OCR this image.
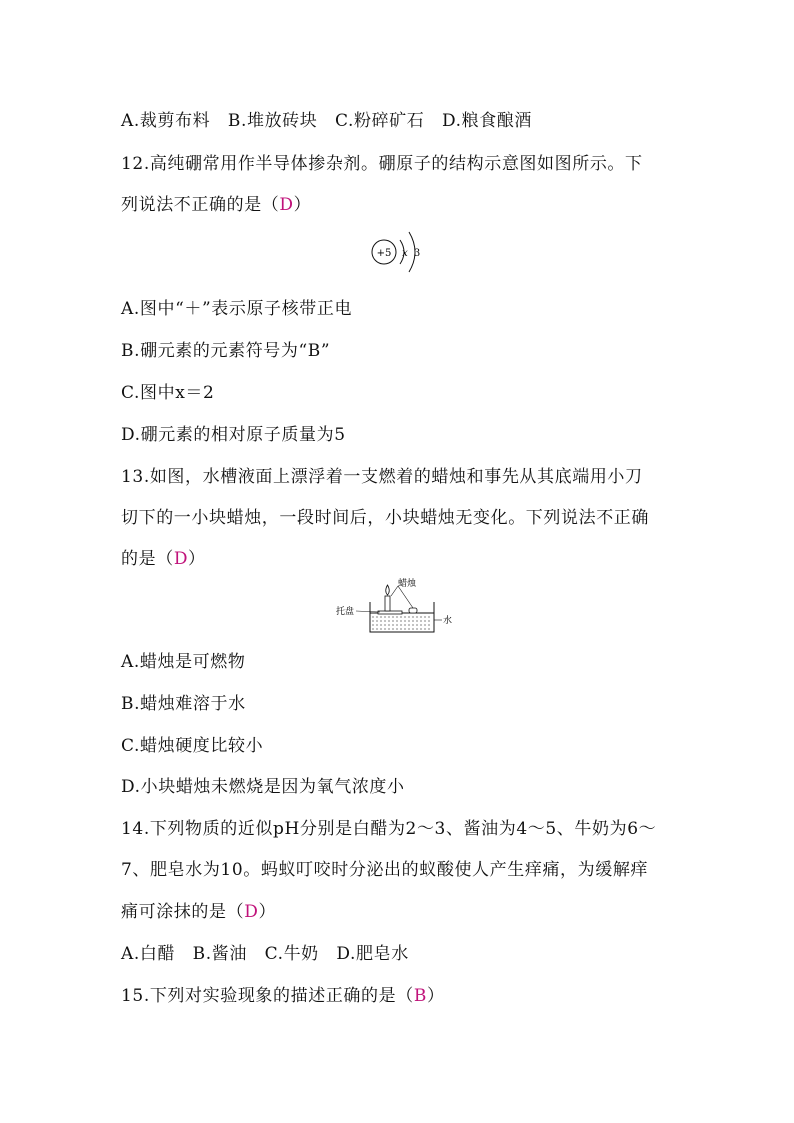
A.裁剪布料　B.堆放砖块　C.粉碎矿石　D.粮食酿酒
12.高纯硼常用作半导体掺杂剂。硼原子的结构示意图如图所示。下
列说法不正确的是（D）
+5 x 3
A.图中“＋”表示原子核带正电
B.硼元素的元素符号为“B”
C.图中x＝2
D.硼元素的相对原子质量为5
13.如图，水槽液面上漂浮着一支燃着的蜡烛和事先从其底端用小刀
切下的一小块蜡烛，一段时间后，小块蜡烛无变化。下列说法不正确
的是（D）
蜡烛
托盘
水
A.蜡烛是可燃物
B.蜡烛难溶于水
C.蜡烛硬度比较小
D.小块蜡烛未燃烧是因为氧气浓度小
14.下列物质的近似pH分别是白醋为2～3、酱油为4～5、牛奶为6～
7、肥皂水为10。蚂蚁叮咬时分泌出的蚁酸使人产生痒痛，为缓解痒
痛可涂抹的是（D）
A.白醋　B.酱油　C.牛奶　D.肥皂水
15.下列对实验现象的描述正确的是（B）
